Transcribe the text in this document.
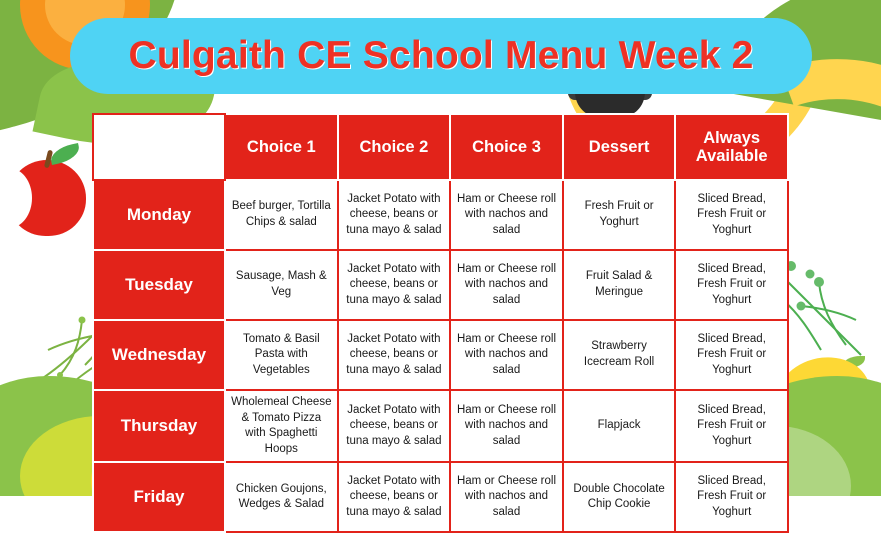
Culgaith CE School Menu Week 2
	Choice 1	Choice 2	Choice 3	Dessert	Always Available
Monday	Beef burger, Tortilla Chips & salad	Jacket Potato with cheese, beans or tuna mayo & salad	Ham or Cheese roll with nachos and salad	Fresh Fruit or Yoghurt	Sliced Bread, Fresh Fruit or Yoghurt
Tuesday	Sausage, Mash & Veg	Jacket Potato with cheese, beans or tuna mayo & salad	Ham or Cheese roll with nachos and salad	Fruit Salad & Meringue	Sliced Bread, Fresh Fruit or Yoghurt
Wednesday	Tomato & Basil Pasta with Vegetables	Jacket Potato with cheese, beans or tuna mayo & salad	Ham or Cheese roll with nachos and salad	Strawberry Icecream Roll	Sliced Bread, Fresh Fruit or Yoghurt
Thursday	Wholemeal Cheese & Tomato Pizza with Spaghetti Hoops	Jacket Potato with cheese, beans or tuna mayo & salad	Ham or Cheese roll with nachos and salad	Flapjack	Sliced Bread, Fresh Fruit or Yoghurt
Friday	Chicken Goujons, Wedges & Salad	Jacket Potato with cheese, beans or tuna mayo & salad	Ham or Cheese roll with nachos and salad	Double Chocolate Chip Cookie	Sliced Bread, Fresh Fruit or Yoghurt
